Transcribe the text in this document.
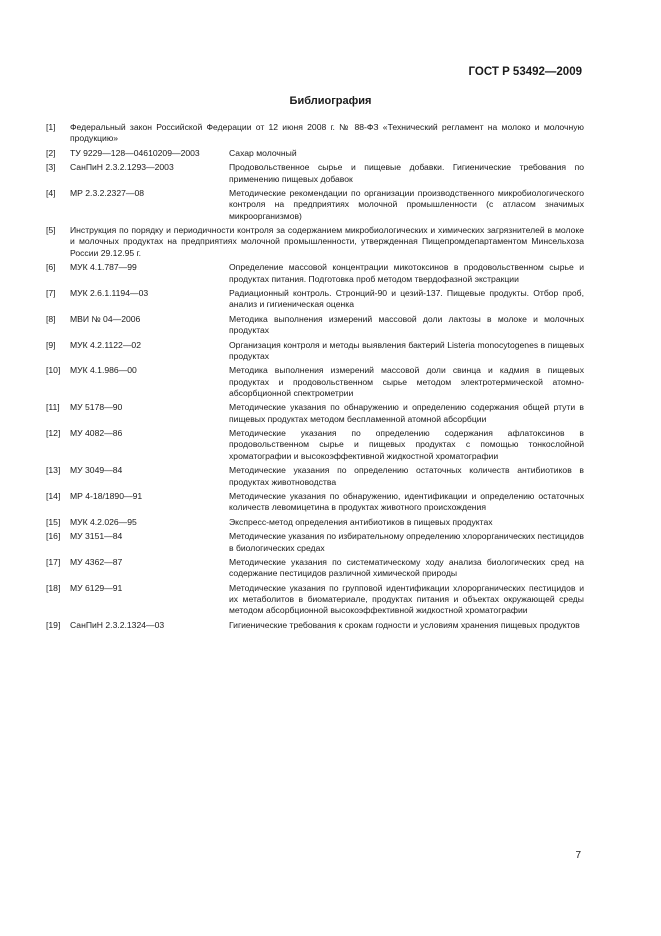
ГОСТ Р 53492—2009
Библиография
[1] Федеральный закон Российской Федерации от 12 июня 2008 г. № 88-ФЗ «Технический регламент на молоко и молочную продукцию»
[2] ТУ 9229—128—04610209—2003	Сахар молочный
[3] СанПиН 2.3.2.1293—2003	Продовольственное сырье и пищевые добавки. Гигиенические требования по применению пищевых добавок
[4] МР 2.3.2.2327—08	Методические рекомендации по организации производственного микробиологического контроля на предприятиях молочной промышленности (с атласом значимых микроорганизмов)
[5] Инструкция по порядку и периодичности контроля за содержанием микробиологических и химических загрязнителей в молоке и молочных продуктах на предприятиях молочной промышленности, утвержденная Пищепромдепартаментом Минсельхоза России 29.12.95 г.
[6] МУК 4.1.787—99	Определение массовой концентрации микотоксинов в продовольственном сырье и продуктах питания. Подготовка проб методом твердофазной экстракции
[7] МУК 2.6.1.1194—03	Радиационный контроль. Стронций-90 и цезий-137. Пищевые продукты. Отбор проб, анализ и гигиеническая оценка
[8] МВИ № 04—2006	Методика выполнения измерений массовой доли лактозы в молоке и молочных продуктах
[9] МУК 4.2.1122—02	Организация контроля и методы выявления бактерий Listeria monocytogenes в пищевых продуктах
[10] МУК 4.1.986—00	Методика выполнения измерений массовой доли свинца и кадмия в пищевых продуктах и продовольственном сырье методом электротермической атомно-абсорбционной спектрометрии
[11] МУ 5178—90	Методические указания по обнаружению и определению содержания общей ртути в пищевых продуктах методом беспламенной атомной абсорбции
[12] МУ 4082—86	Методические указания по определению содержания афлатоксинов в продовольственном сырье и пищевых продуктах с помощью тонкослойной хроматографии и высокоэффективной жидкостной хроматографии
[13] МУ 3049—84	Методические указания по определению остаточных количеств антибиотиков в продуктах животноводства
[14] МР 4-18/1890—91	Методические указания по обнаружению, идентификации и определению остаточных количеств левомицетина в продуктах животного происхождения
[15] МУК 4.2.026—95	Экспресс-метод определения антибиотиков в пищевых продуктах
[16] МУ 3151—84	Методические указания по избирательному определению хлорорганических пестицидов в биологических средах
[17] МУ 4362—87	Методические указания по систематическому ходу анализа биологических сред на содержание пестицидов различной химической природы
[18] МУ 6129—91	Методические указания по групповой идентификации хлорорганических пестицидов и их метаболитов в биоматериале, продуктах питания и объектах окружающей среды методом абсорбционной высокоэффективной жидкостной хроматографии
[19] СанПиН 2.3.2.1324—03	Гигиенические требования к срокам годности и условиям хранения пищевых продуктов
7
